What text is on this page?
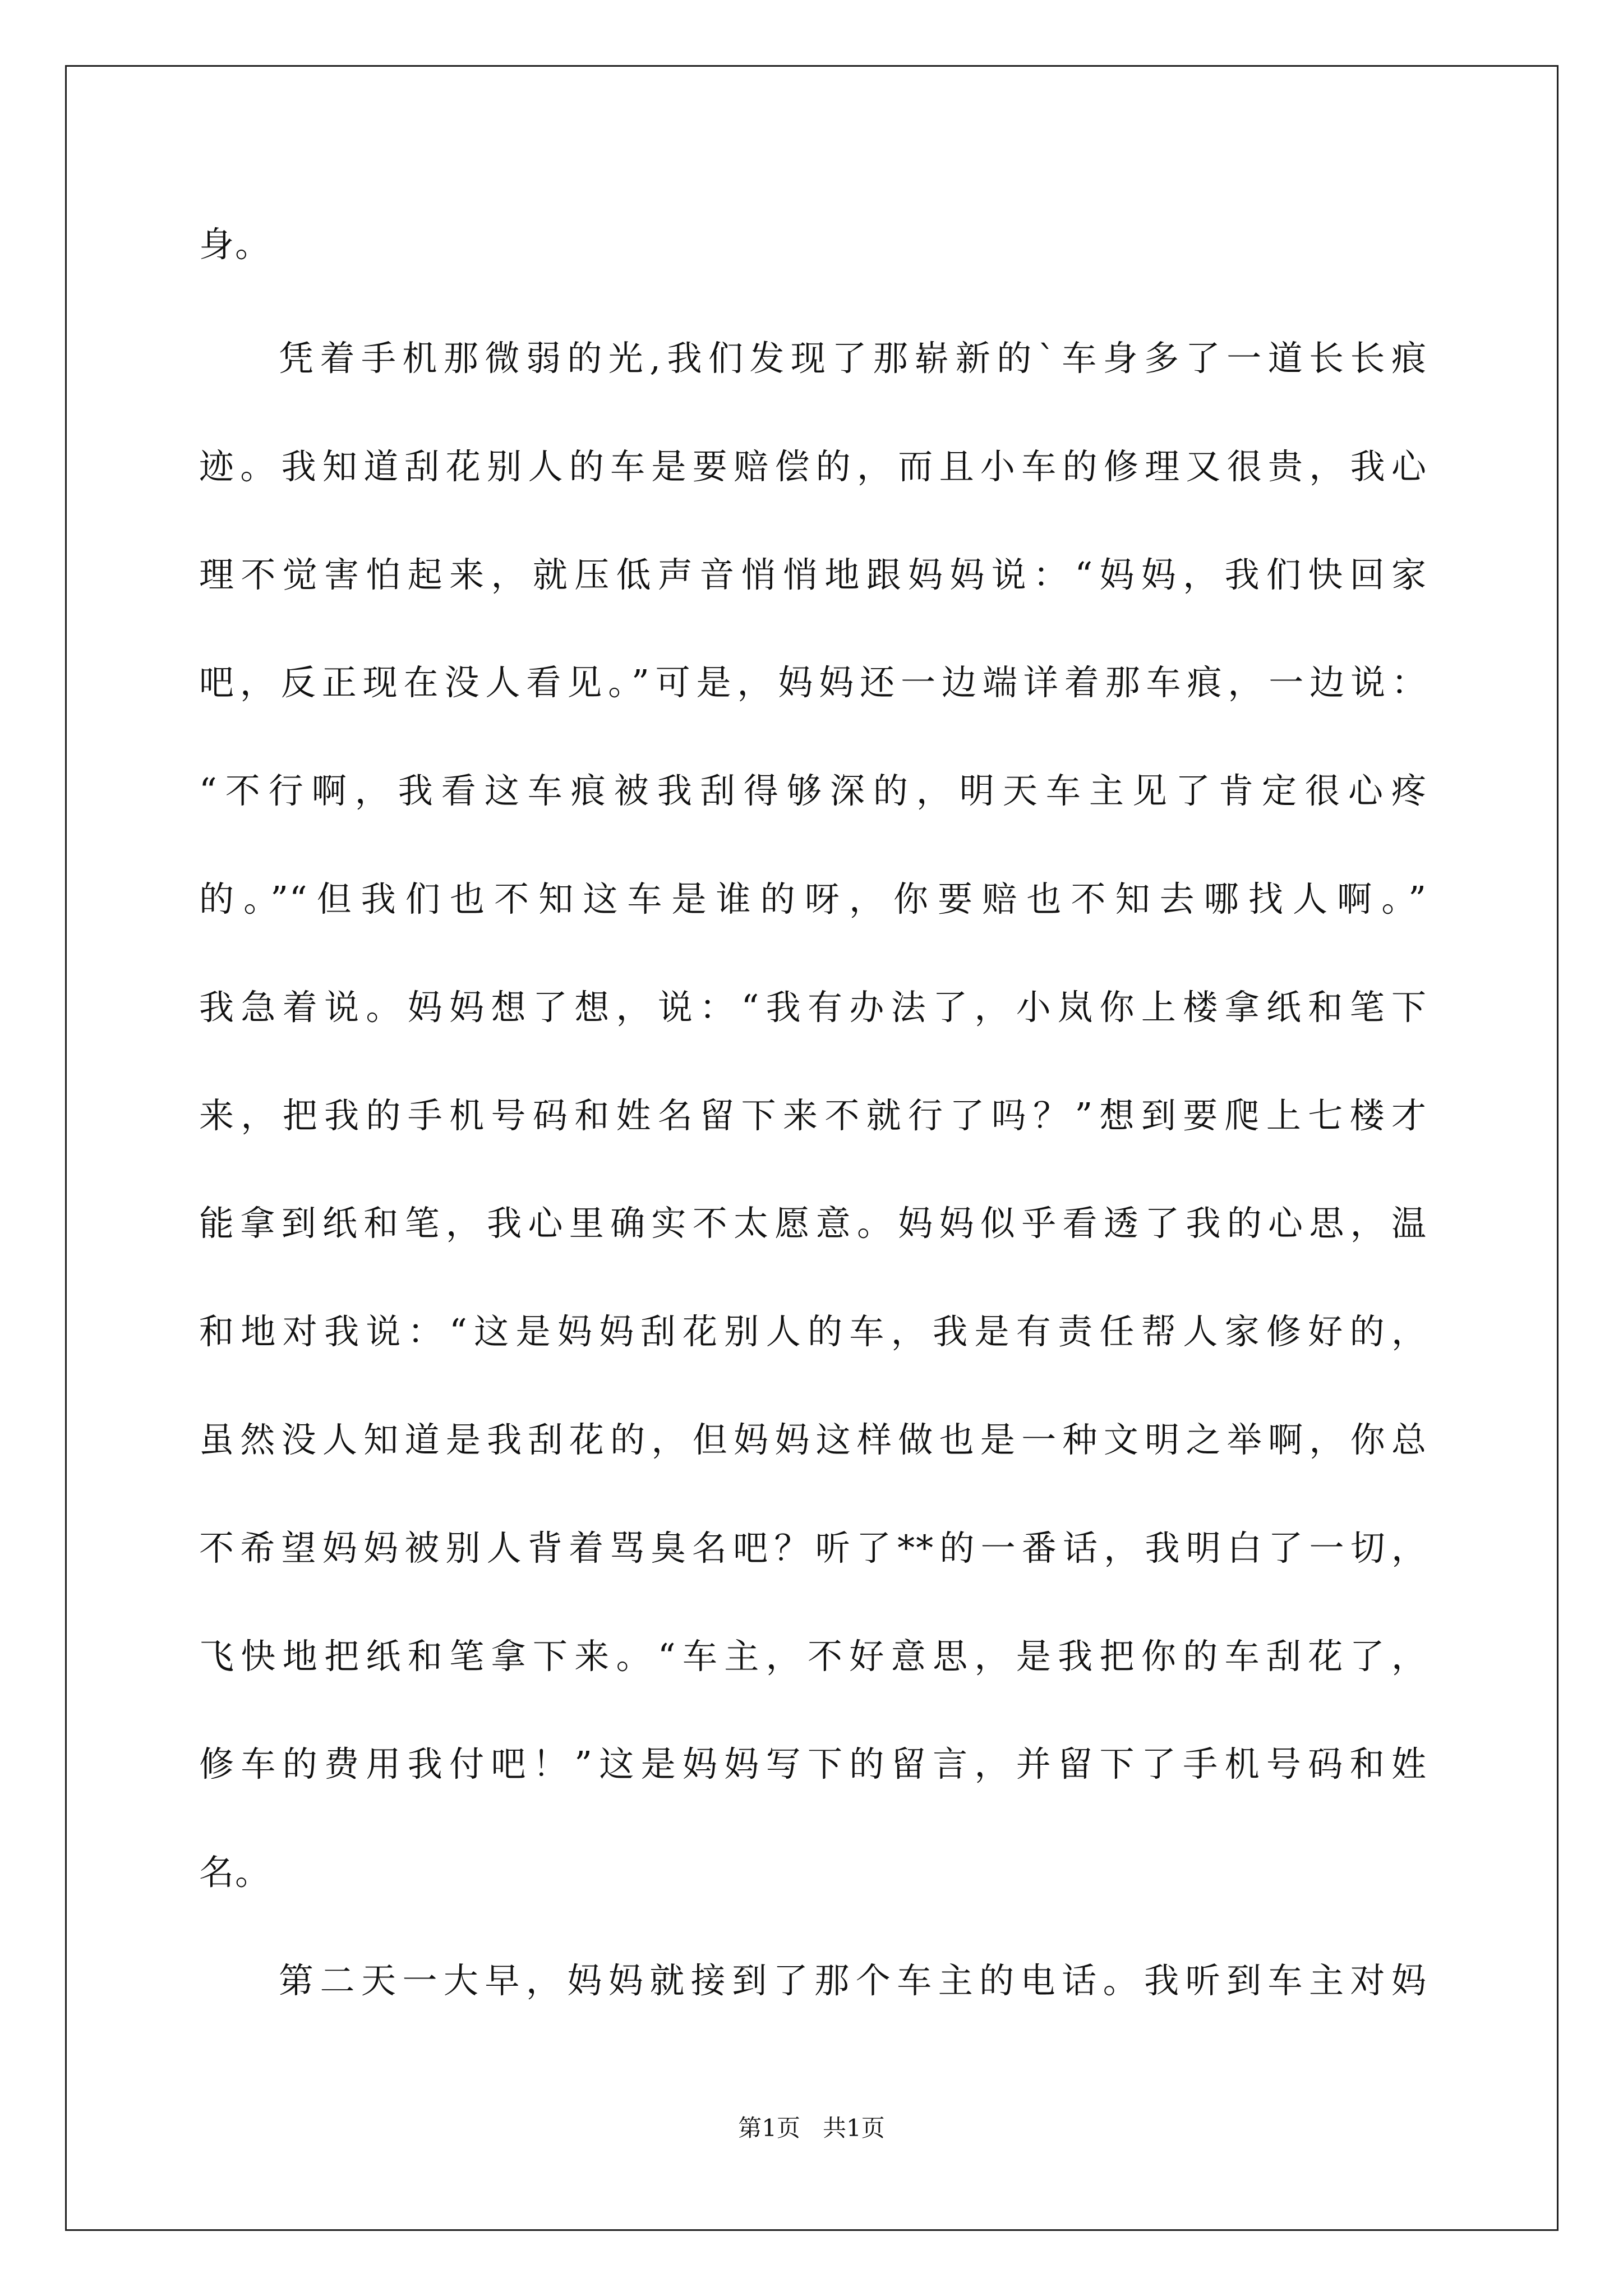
身。
凭着手机那微弱的光,我们发现了那崭新的`车身多了一道长长痕
迹。我知道刮花别人的车是要赔偿的，而且小车的修理又很贵，我心
理不觉害怕起来，就压低声音悄悄地跟妈妈说：“妈妈，我们快回家
吧，反正现在没人看见。”可是，妈妈还一边端详着那车痕，一边说：
“不行啊，我看这车痕被我刮得够深的，明天车主见了肯定很心疼
的。”“但我们也不知这车是谁的呀，你要赔也不知去哪找人啊。”
我急着说。妈妈想了想，说：“我有办法了，小岚你上楼拿纸和笔下
来，把我的手机号码和姓名留下来不就行了吗？”想到要爬上七楼才
能拿到纸和笔，我心里确实不太愿意。妈妈似乎看透了我的心思，温
和地对我说：“这是妈妈刮花别人的车，我是有责任帮人家修好的，
虽然没人知道是我刮花的，但妈妈这样做也是一种文明之举啊，你总
不希望妈妈被别人背着骂臭名吧？听了**的一番话，我明白了一切，
飞快地把纸和笔拿下来。“车主，不好意思，是我把你的车刮花了，
修车的费用我付吧！”这是妈妈写下的留言，并留下了手机号码和姓
名。
第二天一大早，妈妈就接到了那个车主的电话。我听到车主对妈
第1页   共1页
